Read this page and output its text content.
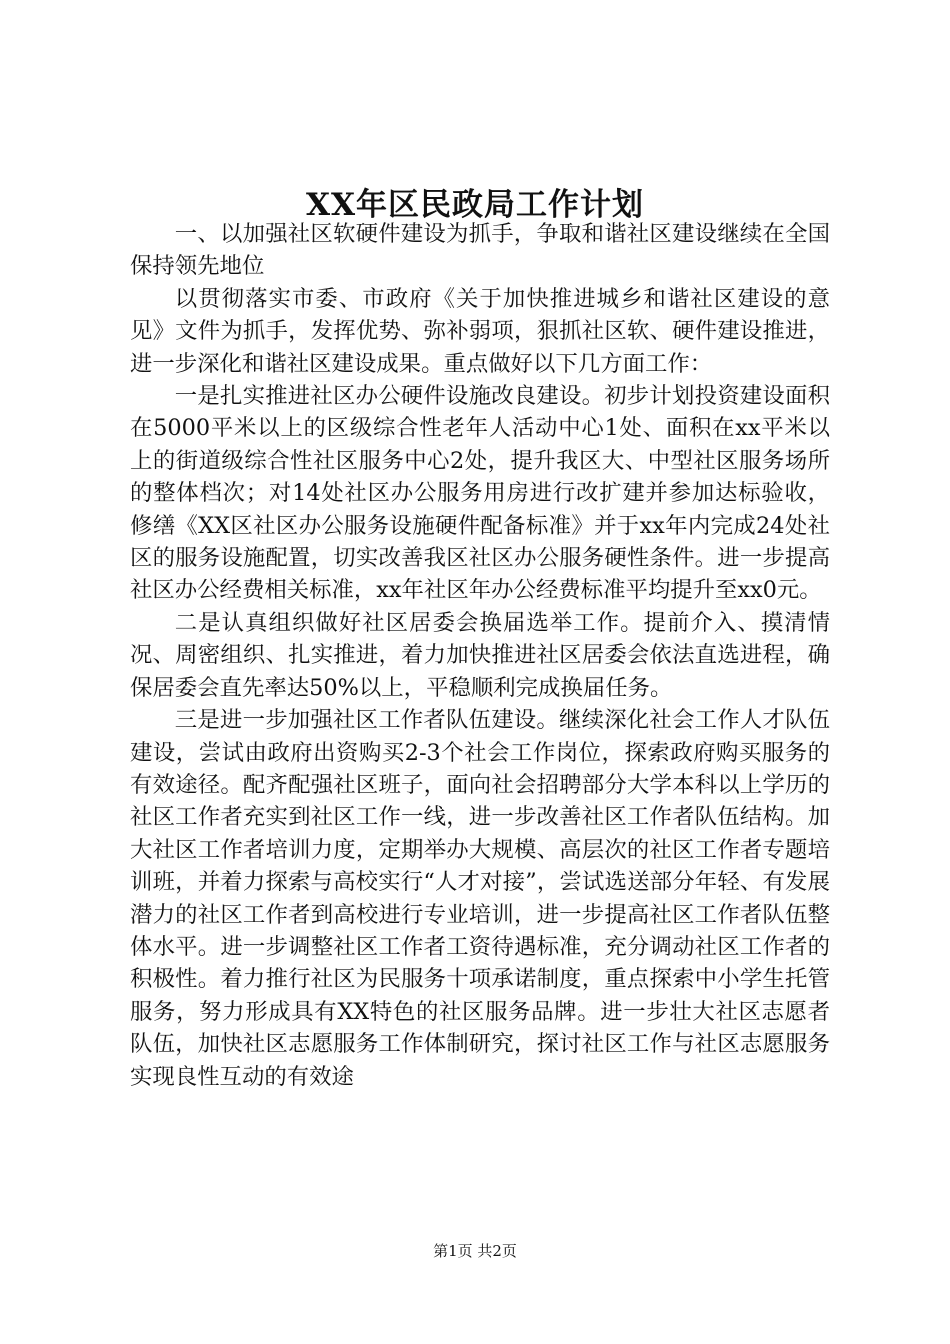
XX年区民政局工作计划

一、以加强社区软硬件建设为抓手，争取和谐社区建设继续在全国保持领先地位

以贯彻落实市委、市政府《关于加快推进城乡和谐社区建设的意见》文件为抓手，发挥优势、弥补弱项，狠抓社区软、硬件建设推进，进一步深化和谐社区建设成果。重点做好以下几方面工作：

一是扎实推进社区办公硬件设施改良建设。初步计划投资建设面积在5000平米以上的区级综合性老年人活动中心1处、面积在xx平米以上的街道级综合性社区服务中心2处，提升我区大、中型社区服务场所的整体档次；对14处社区办公服务用房进行改扩建并参加达标验收，修缮《XX区社区办公服务设施硬件配备标准》并于xx年内完成24处社区的服务设施配置，切实改善我区社区办公服务硬性条件。进一步提高社区办公经费相关标准，xx年社区年办公经费标准平均提升至xx0元。

二是认真组织做好社区居委会换届选举工作。提前介入、摸清情况、周密组织、扎实推进，着力加快推进社区居委会依法直选进程，确保居委会直先率达50%以上，平稳顺利完成换届任务。

三是进一步加强社区工作者队伍建设。继续深化社会工作人才队伍建设，尝试由政府出资购买2-3个社会工作岗位，探索政府购买服务的有效途径。配齐配强社区班子，面向社会招聘部分大学本科以上学历的社区工作者充实到社区工作一线，进一步改善社区工作者队伍结构。加大社区工作者培训力度，定期举办大规模、高层次的社区工作者专题培训班，并着力探索与高校实行“人才对接”，尝试选送部分年轻、有发展潜力的社区工作者到高校进行专业培训，进一步提高社区工作者队伍整体水平。进一步调整社区工作者工资待遇标准，充分调动社区工作者的积极性。着力推行社区为民服务十项承诺制度，重点探索中小学生托管服务，努力形成具有XX特色的社区服务品牌。进一步壮大社区志愿者队伍，加快社区志愿服务工作体制研究，探讨社区工作与社区志愿服务实现良性互动的有效途

第1页 共2页
